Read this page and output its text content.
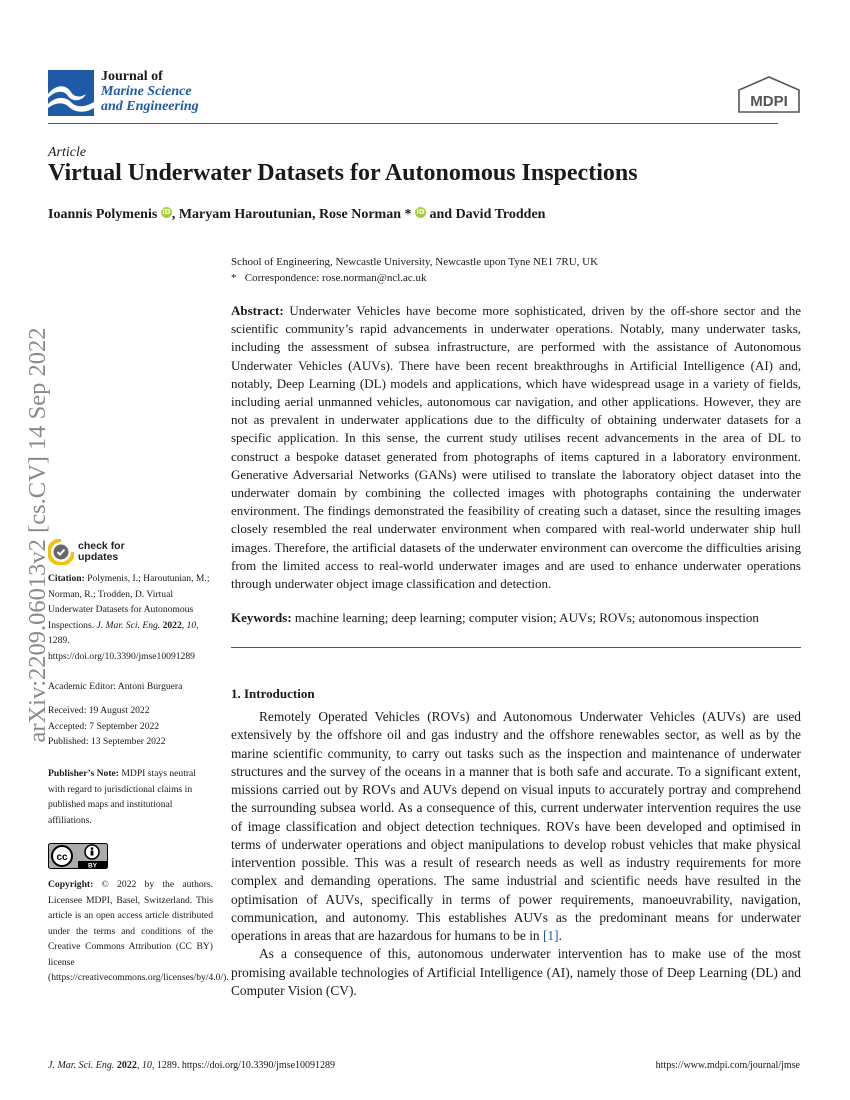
Journal of
Marine Science
and Engineering	MDPI
Article
Virtual Underwater Datasets for Autonomous Inspections
Ioannis Polymenis iD, Maryam Haroutunian, Rose Norman * iD and David Trodden
School of Engineering, Newcastle University, Newcastle upon Tyne NE1 7RU, UK
* Correspondence: rose.norman@ncl.ac.uk
Abstract: Underwater Vehicles have become more sophisticated, driven by the off-shore sector and the scientific community’s rapid advancements in underwater operations. Notably, many underwater tasks, including the assessment of subsea infrastructure, are performed with the assistance of Autonomous Underwater Vehicles (AUVs). There have been recent breakthroughs in Artificial Intelligence (AI) and, notably, Deep Learning (DL) models and applications, which have widespread usage in a variety of fields, including aerial unmanned vehicles, autonomous car navigation, and other applications. However, they are not as prevalent in underwater applications due to the difficulty of obtaining underwater datasets for a specific application. In this sense, the current study utilises recent advancements in the area of DL to construct a bespoke dataset generated from photographs of items captured in a laboratory environment. Generative Adversarial Networks (GANs) were utilised to translate the laboratory object dataset into the underwater domain by combining the collected images with photographs containing the underwater environment. The findings demonstrated the feasibility of creating such a dataset, since the resulting images closely resembled the real underwater environment when compared with real-world underwater ship hull images. Therefore, the artificial datasets of the underwater environment can overcome the difficulties arising from the limited access to real-world underwater images and are used to enhance underwater operations through underwater object image classification and detection.
Keywords: machine learning; deep learning; computer vision; AUVs; ROVs; autonomous inspection
1. Introduction

Remotely Operated Vehicles (ROVs) and Autonomous Underwater Vehicles (AUVs) are used extensively by the offshore oil and gas industry and the offshore renewables sector, as well as by the marine scientific community, to carry out tasks such as the inspection and maintenance of underwater structures and the survey of the oceans in a manner that is both safe and accurate. To a significant extent, missions carried out by ROVs and AUVs depend on visual inputs to accurately portray and comprehend the surrounding subsea world. As a consequence of this, current underwater intervention requires the use of image classification and object detection techniques. ROVs have been developed and optimised in terms of underwater operations and object manipulations to develop robust vehicles that make physical intervention possible. This was a result of research needs as well as industry requirements for more complex and demanding operations. The same industrial and scientific needs have resulted in the optimisation of AUVs, specifically in terms of power requirements, manoeuvrability, navigation, communication, and autonomy. This establishes AUVs as the predominant means for underwater operations in areas that are hazardous for humans to be in [1].

As a consequence of this, autonomous underwater intervention has to make use of the most promising available technologies of Artificial Intelligence (AI), namely those of Deep Learning (DL) and Computer Vision (CV).

arXiv:2209.06013v2 [cs.CV] 14 Sep 2022	check for
updates
Citation: Polymenis, I.; Haroutunian, M.; Norman, R.; Trodden, D. Virtual Underwater Datasets for Autonomous Inspections. J. Mar. Sci. Eng. 2022, 10, 1289.
https://doi.org/10.3390/jmse10091289
Academic Editor: Antoni Burguera
Received: 19 August 2022
Accepted: 7 September 2022
Published: 13 September 2022
Publisher’s Note: MDPI stays neutral with regard to jurisdictional claims in published maps and institutional affiliations.
cc
BY
Copyright: © 2022 by the authors. Licensee MDPI, Basel, Switzerland. This article is an open access article distributed under the terms and conditions of the Creative Commons Attribution (CC BY) license (https://creativecommons.org/licenses/by/4.0/).
J. Mar. Sci. Eng. 2022, 10, 1289. https://doi.org/10.3390/jmse10091289	https://www.mdpi.com/journal/jmse
